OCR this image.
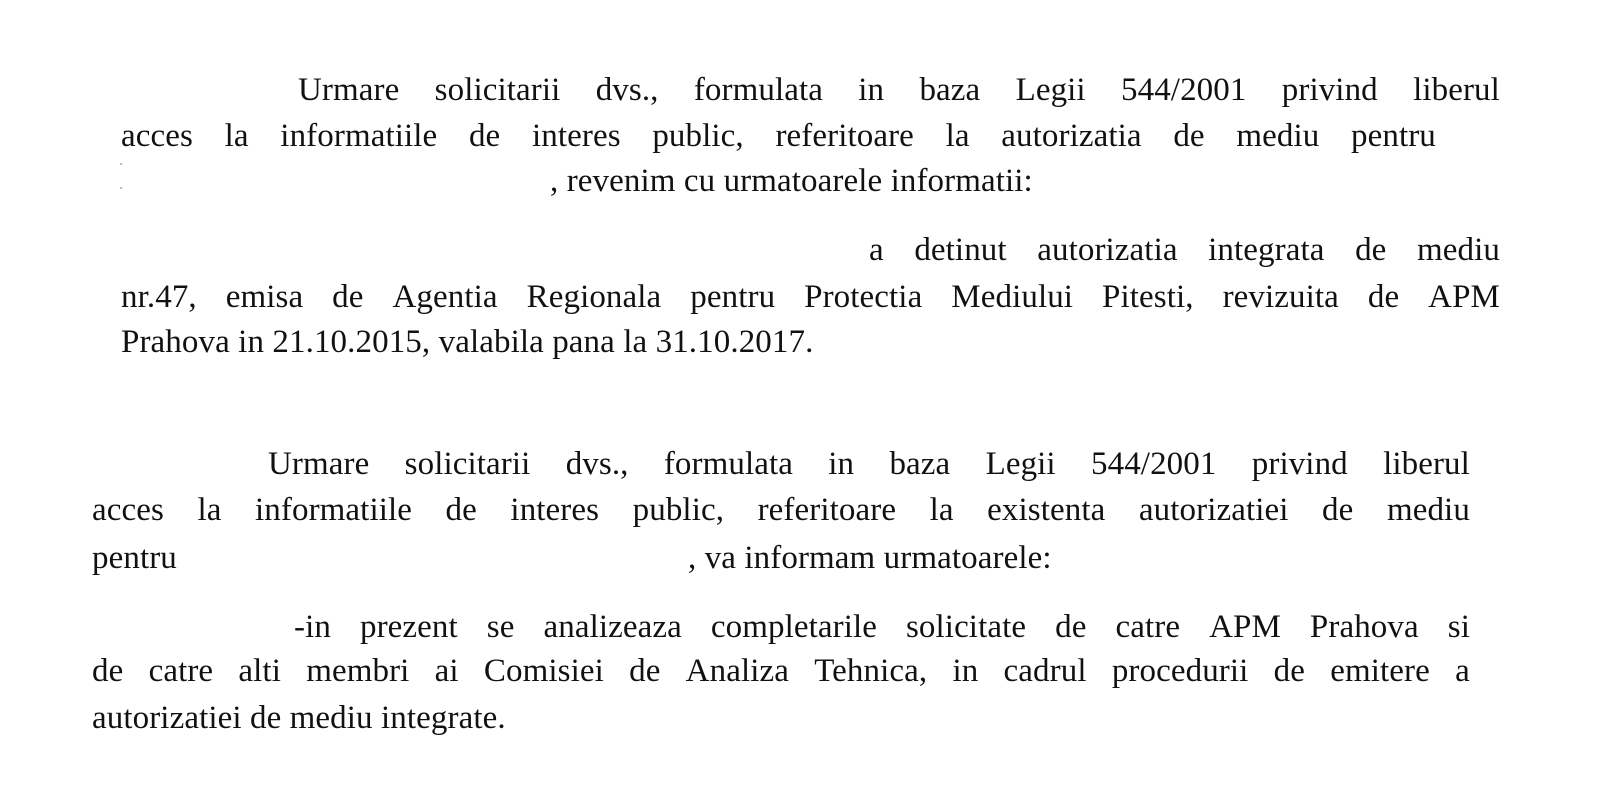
Urmare solicitarii dvs., formulata in baza Legii 544/2001 privind liberul
acces la informatiile de interes public, referitoare la autorizatia de mediu pentru
, revenim cu urmatoarele informatii:
a detinut autorizatia integrata de mediu
nr.47, emisa de Agentia Regionala pentru Protectia Mediului Pitesti, revizuita de APM
Prahova in 21.10.2015, valabila pana la 31.10.2017.
Urmare solicitarii dvs., formulata in baza Legii 544/2001 privind liberul
acces la informatiile de interes public, referitoare la existenta autorizatiei de mediu
pentru	, va informam urmatoarele:
-in prezent se analizeaza completarile solicitate de catre APM Prahova si
de catre alti membri ai Comisiei de Analiza Tehnica, in cadrul procedurii de emitere a
autorizatiei de mediu integrate.
